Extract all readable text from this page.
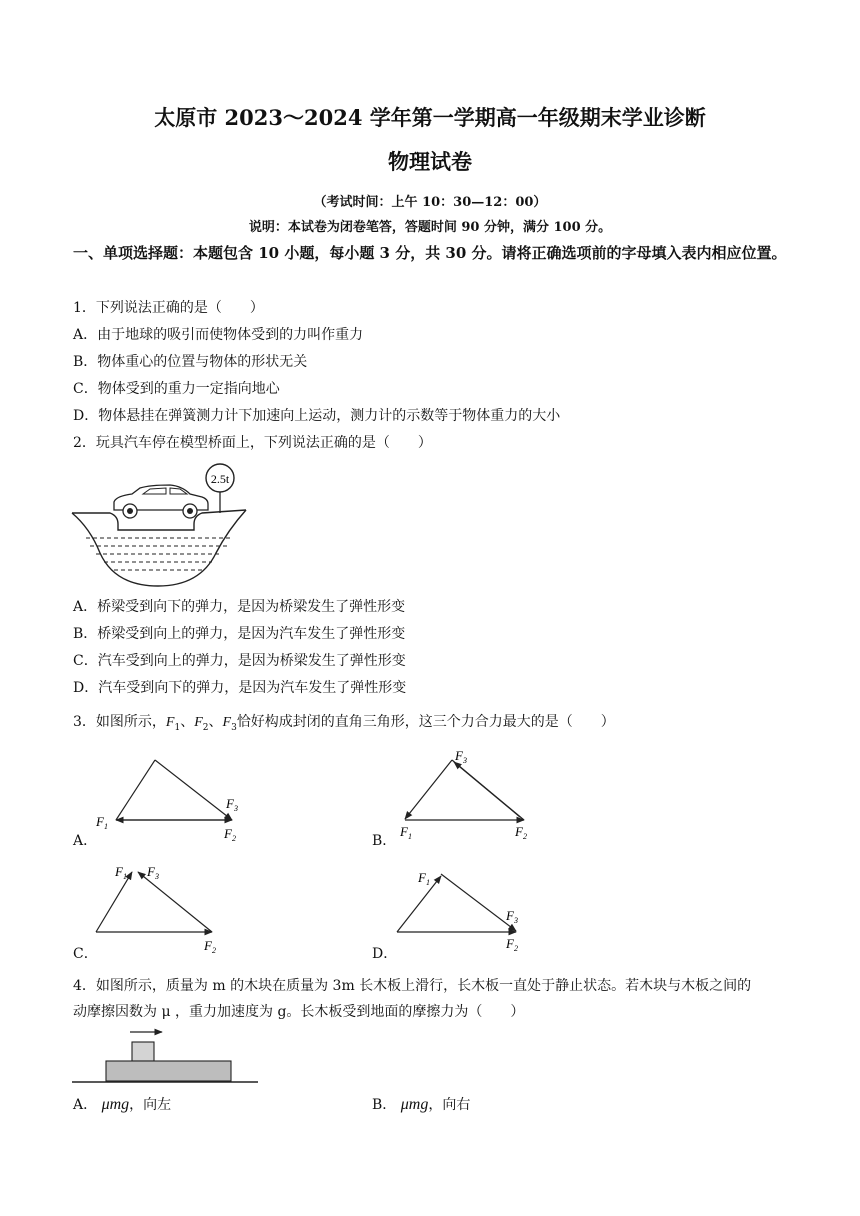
太原市 2023～2024 学年第一学期高一年级期末学业诊断
物理试卷
（考试时间：上午 10：30—12：00）
说明：本试卷为闭卷笔答，答题时间 90 分钟，满分 100 分。
一、单项选择题：本题包含 10 小题，每小题 3 分，共 30 分。请将正确选项前的字母填入表内相应位置。
1．下列说法正确的是（　　）
A．由于地球的吸引而使物体受到的力叫作重力
B．物体重心的位置与物体的形状无关
C．物体受到的重力一定指向地心
D．物体悬挂在弹簧测力计下加速向上运动，测力计的示数等于物体重力的大小
2．玩具汽车停在模型桥面上，下列说法正确的是（　　）
2.5t
A．桥梁受到向下的弹力，是因为桥梁发生了弹性形变
B．桥梁受到向上的弹力，是因为汽车发生了弹性形变
C．汽车受到向上的弹力，是因为桥梁发生了弹性形变
D．汽车受到向下的弹力，是因为汽车发生了弹性形变
3．如图所示，$F_1$、$F_2$、$F_3$恰好构成封闭的直角三角形，这三个力合力最大的是（　　）
$F_1$
$F_3$
$F_2$
$F_3$
$F_1$	$F_2$
$F_1$ $F_3$
$F_2$
$F_1$
$F_3$
$F_2$
A．	B．
C．	D．
4．如图所示，质量为 m 的木块在质量为 3m 长木板上滑行，长木板一直处于静止状态。若木块与木板之间的
动摩擦因数为 μ ，重力加速度为 g。长木板受到地面的摩擦力为（　　）
A． μmg，向左	B． μmg，向右
